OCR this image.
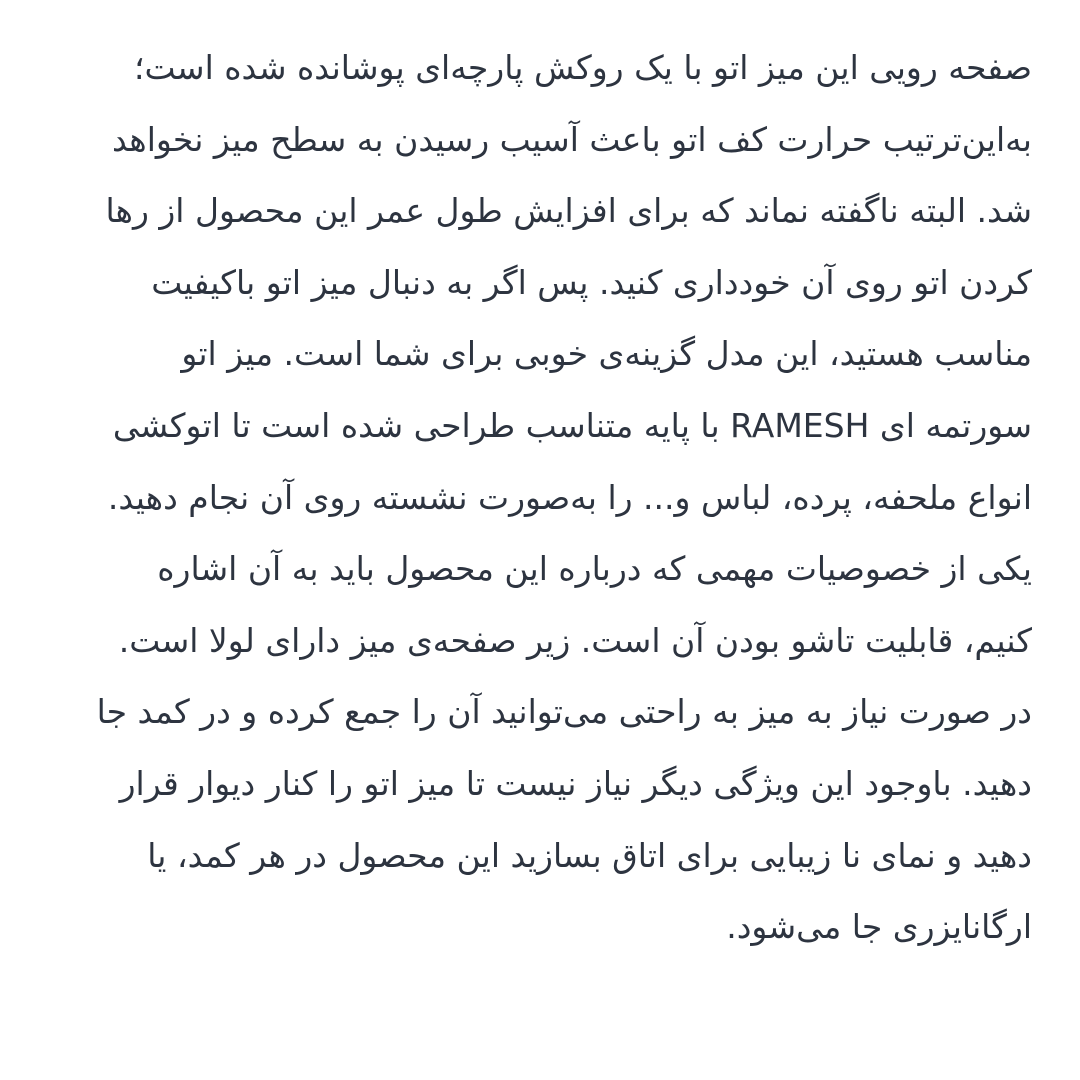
صفحه رویی این میز اتو با یک روکش پارچه‌ای پوشانده شده است؛
به‌این‌ترتیب حرارت کف اتو باعث آسیب رسیدن به سطح میز نخواهد
شد. البته ناگفته نماند که برای افزایش طول عمر این محصول از رها
کردن اتو روی آن خودداری کنید. پس اگر به دنبال میز اتو باکیفیت
مناسب هستید، این مدل گزینه‌ی خوبی برای شما است. میز اتو
سورتمه ای RAMESH با پایه متناسب طراحی شده است تا اتوکشی
انواع ملحفه، پرده، لباس و... را به‌صورت نشسته روی آن نجام دهید.
یکی از خصوصیات مهمی که درباره این محصول باید به آن اشاره
کنیم، قابلیت تاشو بودن آن است. زیر صفحه‌ی میز دارای لولا است.
در صورت نیاز به میز به راحتی می‌توانید آن را جمع کرده و در کمد جا
دهید. باوجود این ویژگی دیگر نیاز نیست تا میز اتو را کنار دیوار قرار
دهید و نمای نا زیبایی برای اتاق بسازید این محصول در هر کمد، یا
ارگانایزری جا می‌شود.
